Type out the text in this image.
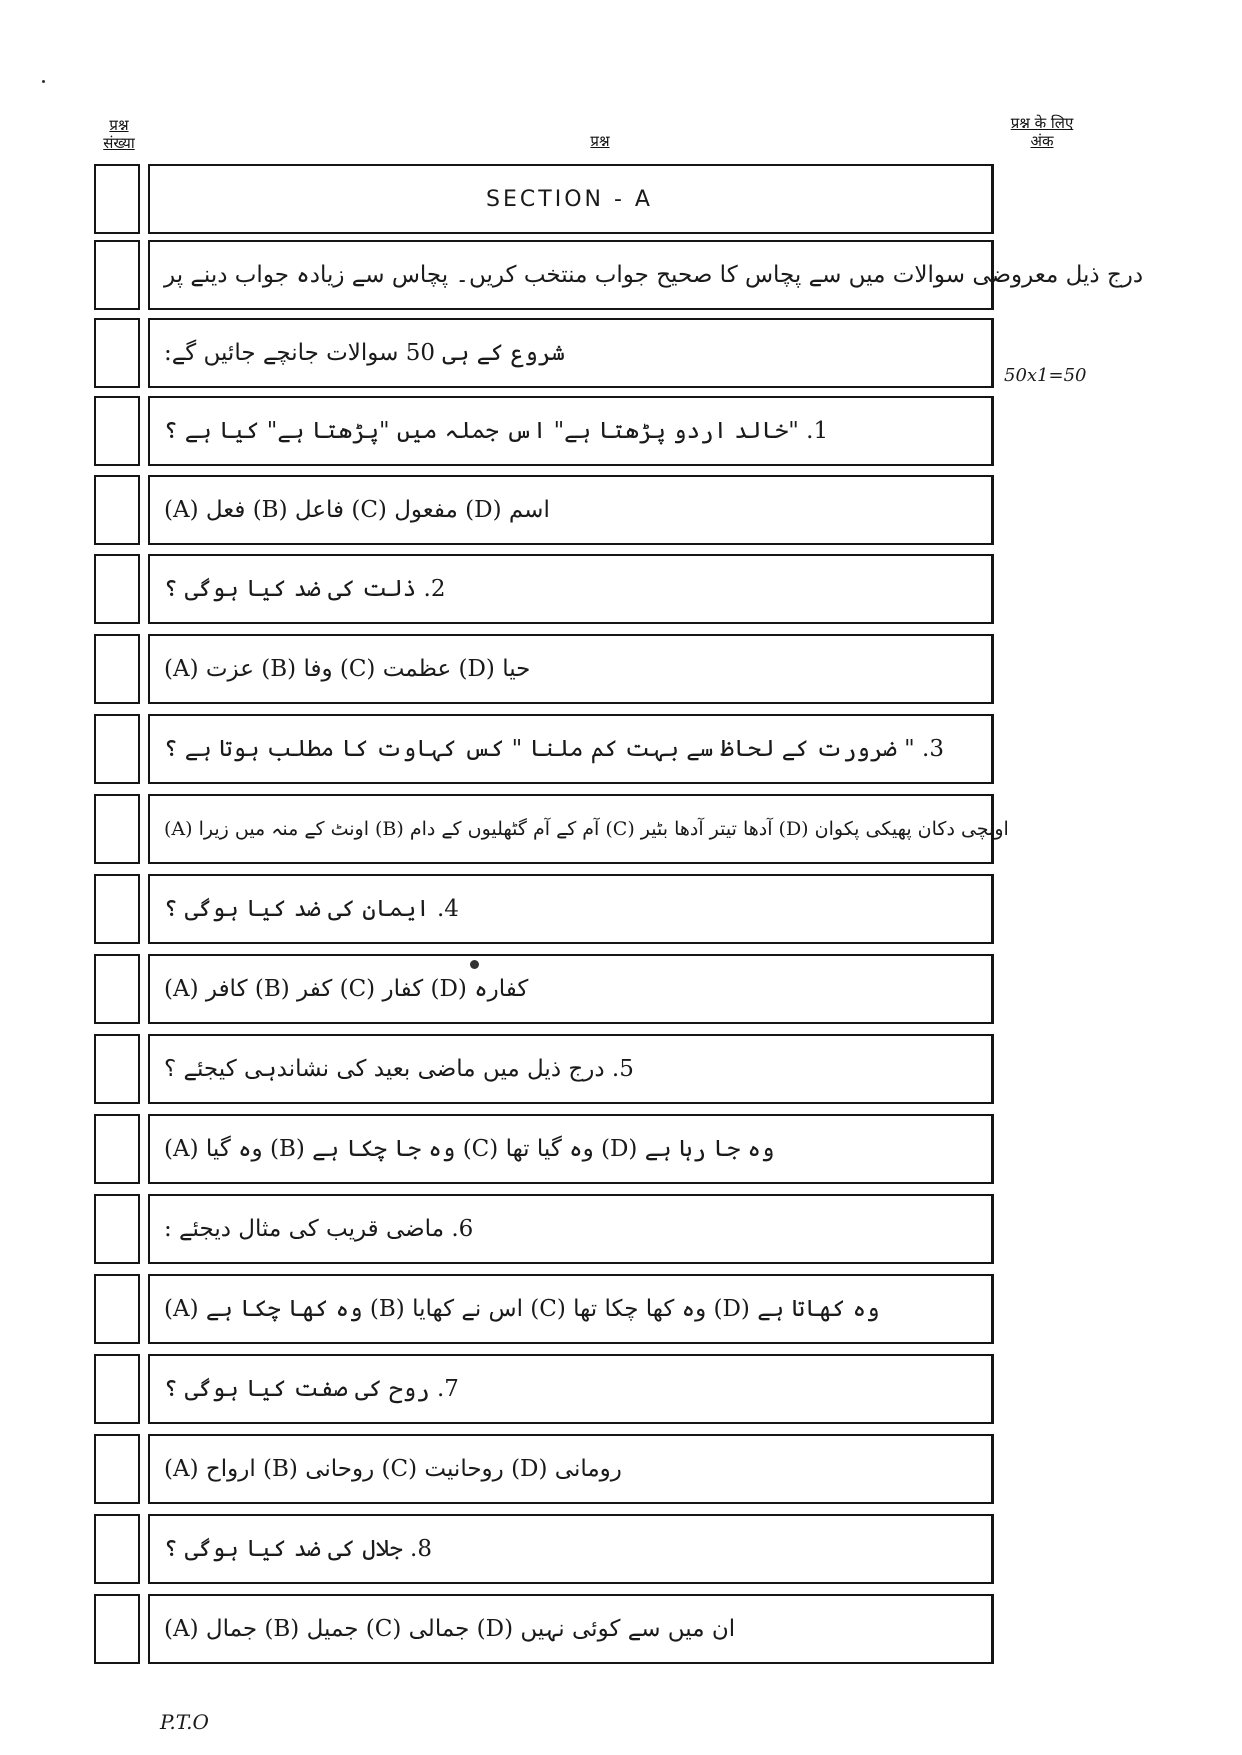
प्रश्न संख्या	प्रश्न
प्रश्न के लिए अंक
SECTION - A
درج ذیل معروضی سوالات میں سے پچاس کا صحیح جواب منتخب کریں۔ پچاس سے زیادہ جواب دینے پر
شروع کے ہی 50 سوالات جانچے جائیں گے:
1. "خالد اردو پڑھتا ہے" اس جملہ میں "پڑھتا ہے" کیا ہے ؟
(A) فعل (B) فاعل (C) مفعول (D) اسم
2. ذلت کی ضد کیا ہوگی ؟
(A) عزت (B) وفا (C) عظمت (D) حیا
3. " ضرورت کے لحاظ سے بہت کم ملنا " کس کہاوت کا مطلب ہوتا ہے ؟
(A) اونٹ کے منہ میں زیرا (B) آم کے آم گٹھلیوں کے دام (C) آدھا تیتر آدھا بٹیر (D) اونچی دکان پھیکی پکوان
4. ایمان کی ضد کیا ہوگی ؟
(A) کافر (B) کفر (C) کفار (D) کفارہ
5. درج ذیل میں ماضی بعید کی نشاندہی کیجئے ؟
(A) وہ گیا (B) وہ جا چکا ہے (C) وہ گیا تھا (D) وہ جا رہا ہے
6. ماضی قریب کی مثال دیجئے :
(A) وہ کھا چکا ہے (B) اس نے کھایا (C) وہ کھا چکا تھا (D) وہ کھاتا ہے
7. روح کی صفت کیا ہوگی ؟
(A) ارواح (B) روحانی (C) روحانیت (D) رومانی
8. جلال کی ضد کیا ہوگی ؟
(A) جمال (B) جمیل (C) جمالی (D) ان میں سے کوئی نہیں
50x1=50
P.T.O
